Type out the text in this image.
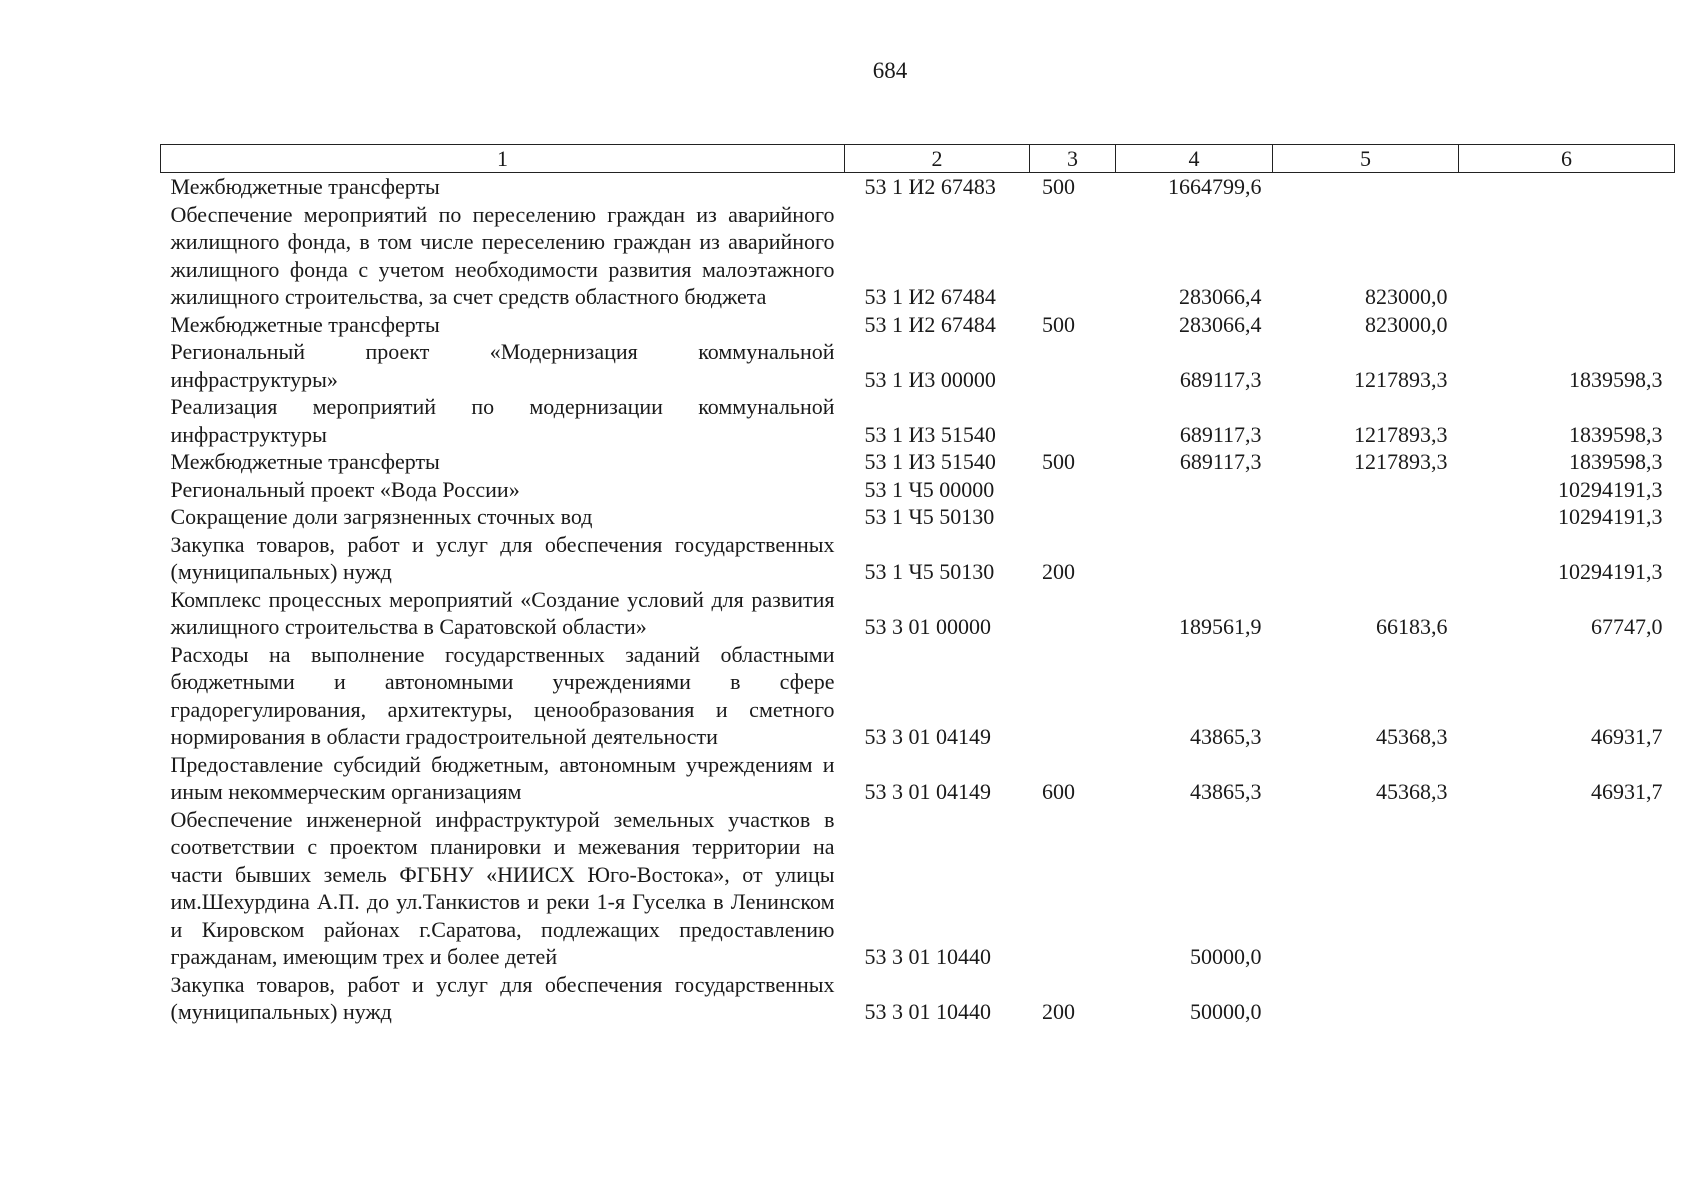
684
1	2	3	4	5	6
Межбюджетные трансферты	53 1 И2 67483	500	1664799,6		
Обеспечение мероприятий по переселению граждан из аварийного жилищного фонда, в том числе переселению граждан из аварийного жилищного фонда с учетом необходимости развития малоэтажного жилищного строительства, за счет средств областного бюджета	53 1 И2 67484		283066,4	823000,0	
Межбюджетные трансферты	53 1 И2 67484	500	283066,4	823000,0	
Региональный проект «Модернизация коммунальной инфраструктуры»	53 1 И3 00000		689117,3	1217893,3	1839598,3
Реализация мероприятий по модернизации коммунальной инфраструктуры	53 1 И3 51540		689117,3	1217893,3	1839598,3
Межбюджетные трансферты	53 1 И3 51540	500	689117,3	1217893,3	1839598,3
Региональный проект «Вода России»	53 1 Ч5 00000				10294191,3
Сокращение доли загрязненных сточных вод	53 1 Ч5 50130				10294191,3
Закупка товаров, работ и услуг для обеспечения государственных (муниципальных) нужд	53 1 Ч5 50130	200			10294191,3
Комплекс процессных мероприятий «Создание условий для развития жилищного строительства в Саратовской области»	53 3 01 00000		189561,9	66183,6	67747,0
Расходы на выполнение государственных заданий областными бюджетными и автономными учреждениями в сфере градорегулирования, архитектуры, ценообразования и сметного нормирования в области градостроительной деятельности	53 3 01 04149		43865,3	45368,3	46931,7
Предоставление субсидий бюджетным, автономным учреждениям и иным некоммерческим организациям	53 3 01 04149	600	43865,3	45368,3	46931,7
Обеспечение инженерной инфраструктурой земельных участков в соответствии с проектом планировки и межевания территории на части бывших земель ФГБНУ «НИИСХ Юго-Востока», от улицы им.Шехурдина А.П. до ул.Танкистов и реки 1-я Гуселка в Ленинском и Кировском районах г.Саратова, подлежащих предоставлению гражданам, имеющим трех и более детей	53 3 01 10440		50000,0		
Закупка товаров, работ и услуг для обеспечения государственных (муниципальных) нужд	53 3 01 10440	200	50000,0		
